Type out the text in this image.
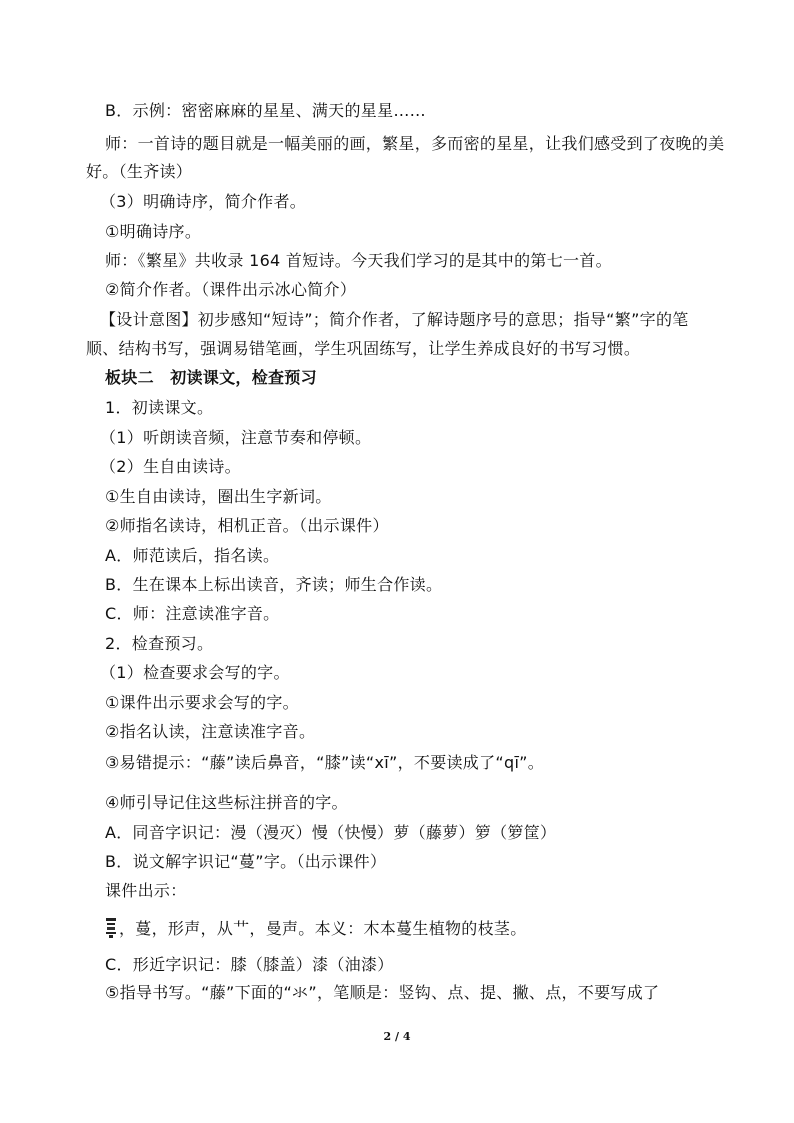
B．示例：密密麻麻的星星、满天的星星……
师：一首诗的题目就是一幅美丽的画，繁星，多而密的星星，让我们感受到了夜晚的美
好。（生齐读）
（3）明确诗序，简介作者。
①明确诗序。
师：《繁星》共收录 164 首短诗。今天我们学习的是其中的第七一首。
②简介作者。（课件出示冰心简介）
【设计意图】初步感知“短诗”；简介作者，了解诗题序号的意思；指导“繁”字的笔
顺、结构书写，强调易错笔画，学生巩固练写，让学生养成良好的书写习惯。
板块二　初读课文，检查预习
1．初读课文。
（1）听朗读音频，注意节奏和停顿。
（2）生自由读诗。
①生自由读诗，圈出生字新词。
②师指名读诗，相机正音。（出示课件）
A．师范读后，指名读。
B．生在课本上标出读音，齐读；师生合作读。
C．师：注意读准字音。
2．检查预习。
（1）检查要求会写的字。
①课件出示要求会写的字。
②指名认读，注意读准字音。
③易错提示：“藤”读后鼻音，“膝”读“xī”，不要读成了“qī”。
④师引导记住这些标注拼音的字。
A．同音字识记：漫（漫灭）慢（快慢）萝（藤萝）箩（箩筐）
B．说文解字识记“蔓”字。（出示课件）
课件出示：
，蔓，形声，从艹，曼声。本义：木本蔓生植物的枝茎。
C．形近字识记：膝（膝盖）漆（油漆）
⑤指导书写。“藤”下面的“氺”，笔顺是：竖钩、点、提、撇、点，不要写成了
2 / 4
